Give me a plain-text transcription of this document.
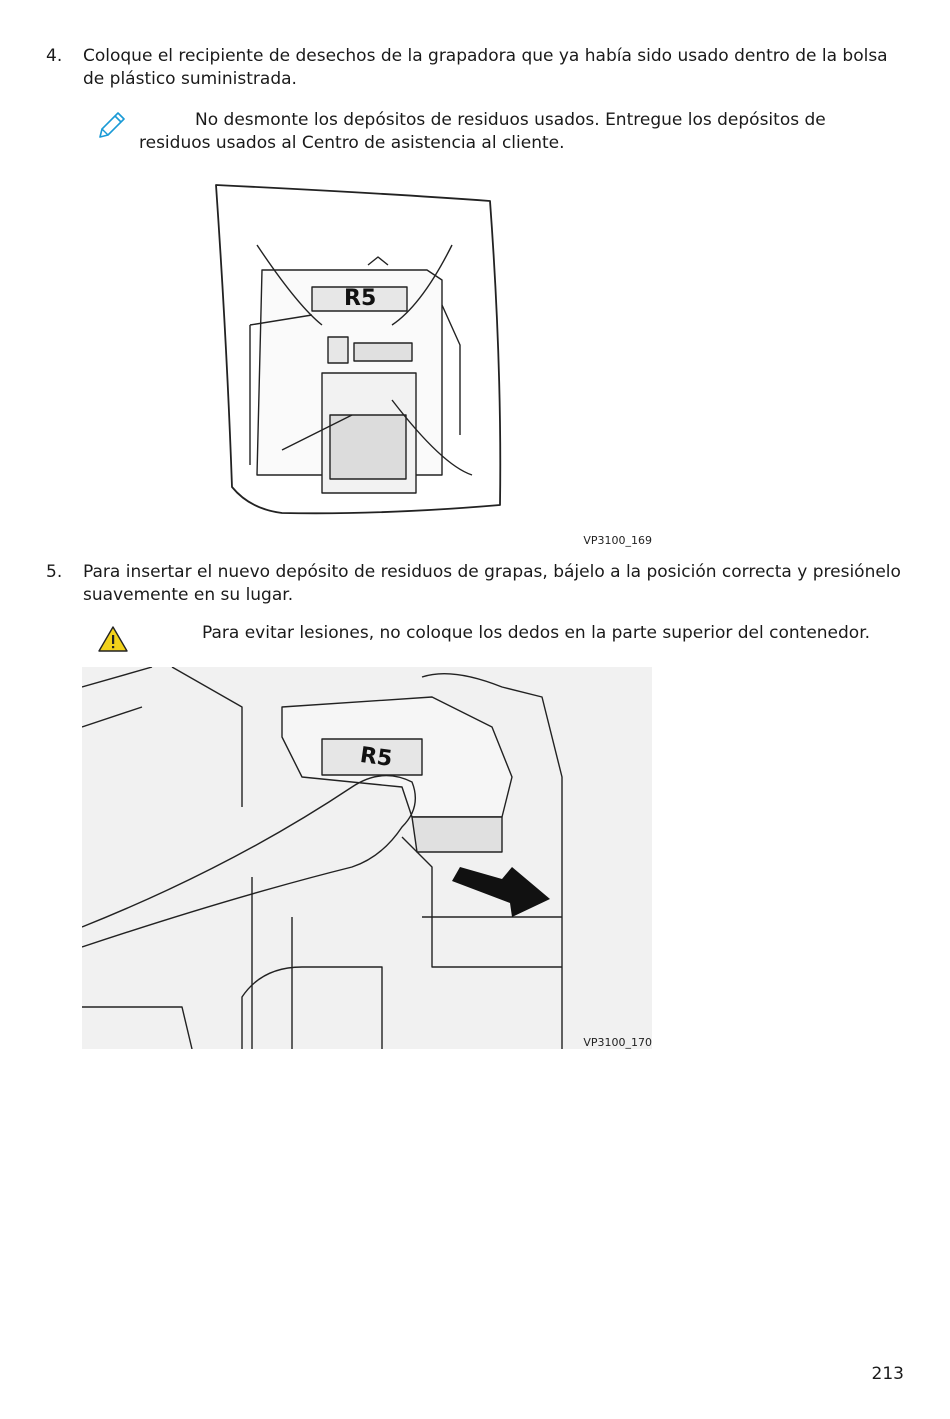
4. Coloque el recipiente de desechos de la grapadora que ya había sido usado dentro de la bolsa de plástico suministrada.
No desmonte los depósitos de residuos usados. Entregue los depósitos de residuos usados al Centro de asistencia al cliente.
R5
VP3100_169
5. Para insertar el nuevo depósito de residuos de grapas, bájelo a la posición correcta y presiónelo suavemente en su lugar.
Para evitar lesiones, no coloque los dedos en la parte superior del contenedor.
R5
VP3100_170
213
